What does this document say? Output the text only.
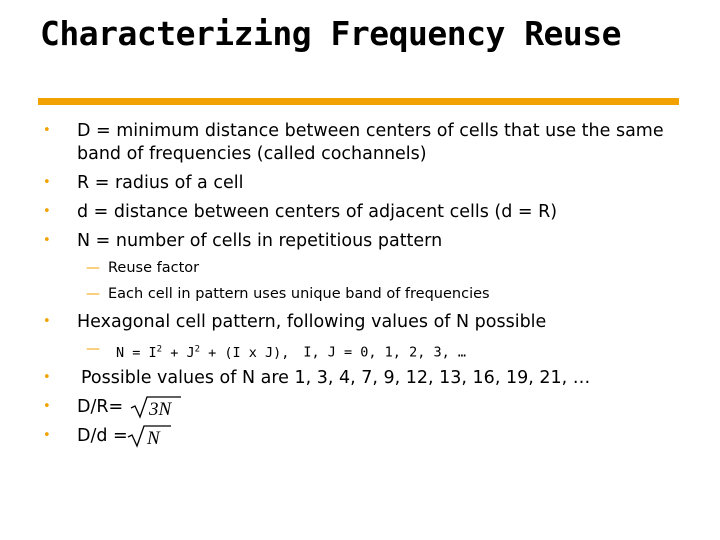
Characterizing Frequency Reuse
• D = minimum distance between centers of cells that use the same
band of frequencies (called cochannels)
• R = radius of a cell
• d = distance between centers of adjacent cells (d = R)
• N = number of cells in repetitious pattern
— Reuse factor
— Each cell in pattern uses unique band of frequencies
• Hexagonal cell pattern, following values of N possible
— $N = I^2 + J^2 + (I$ x J), I, J = 0, 1, 2, 3, …
• Possible values of N are 1, 3, 4, 7, 9, 12, 13, 16, 19, 21, …
• D/R= 3N
• D/d = N
